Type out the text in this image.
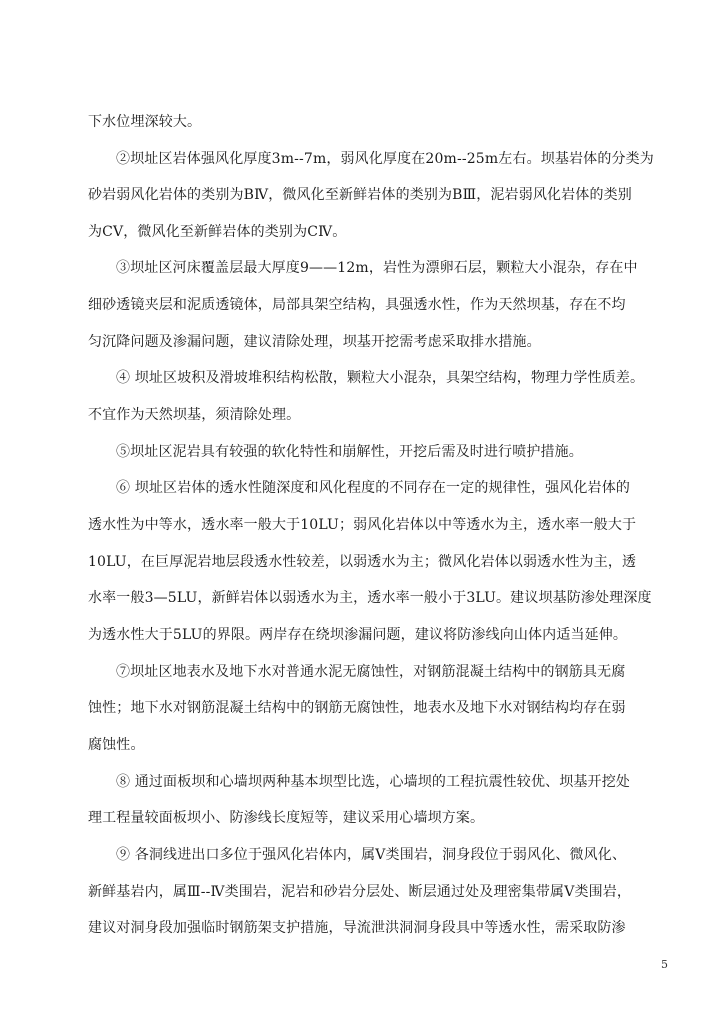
下水位埋深较大。
②坝址区岩体强风化厚度3m--7m，弱风化厚度在20m--25m左右。坝基岩体的分类为
砂岩弱风化岩体的类别为BⅣ，微风化至新鲜岩体的类别为BⅢ，泥岩弱风化岩体的类别
为CⅤ，微风化至新鲜岩体的类别为CⅣ。
③坝址区河床覆盖层最大厚度9——12m，岩性为漂卵石层，颗粒大小混杂，存在中
细砂透镜夹层和泥质透镜体，局部具架空结构，具强透水性，作为天然坝基，存在不均
匀沉降问题及渗漏问题，建议清除处理，坝基开挖需考虑采取排水措施。
④ 坝址区坡积及滑坡堆积结构松散，颗粒大小混杂，具架空结构，物理力学性质差。
不宜作为天然坝基，须清除处理。
⑤坝址区泥岩具有较强的软化特性和崩解性，开挖后需及时进行喷护措施。
⑥ 坝址区岩体的透水性随深度和风化程度的不同存在一定的规律性，强风化岩体的
透水性为中等水，透水率一般大于10LU；弱风化岩体以中等透水为主，透水率一般大于
10LU，在巨厚泥岩地层段透水性较差，以弱透水为主；微风化岩体以弱透水性为主，透
水率一般3—5LU，新鲜岩体以弱透水为主，透水率一般小于3LU。建议坝基防渗处理深度
为透水性大于5LU的界限。两岸存在绕坝渗漏问题，建议将防渗线向山体内适当延伸。
⑦坝址区地表水及地下水对普通水泥无腐蚀性，对钢筋混凝土结构中的钢筋具无腐
蚀性；地下水对钢筋混凝土结构中的钢筋无腐蚀性，地表水及地下水对钢结构均存在弱
腐蚀性。
⑧ 通过面板坝和心墙坝两种基本坝型比选，心墙坝的工程抗震性较优、坝基开挖处
理工程量较面板坝小、防渗线长度短等，建议采用心墙坝方案。
⑨ 各洞线进出口多位于强风化岩体内，属Ⅴ类围岩，洞身段位于弱风化、微风化、
新鲜基岩内，属Ⅲ--Ⅳ类围岩，泥岩和砂岩分层处、断层通过处及理密集带属Ⅴ类围岩，
建议对洞身段加强临时钢筋架支护措施，导流泄洪洞洞身段具中等透水性，需采取防渗
5
